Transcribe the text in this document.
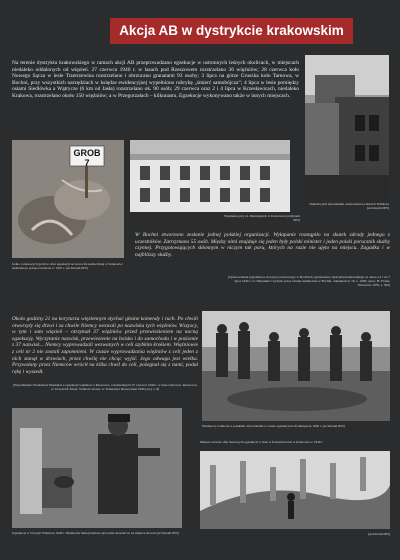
Akcja AB w dystrykcie krakowskim
Na terenie dystryktu krakowskiego w ramach akcji AB przeprowadzano egzekucje w ustronnych leśnych okolicach, w miejscach niedaleko oddalonych od więzień. 27 czerwca 1940 r. w lasach pod Rzeszowem rozstrzelano 36 więźniów; 28 czerwca koło Nowego Sącza w lesie Trzetrzewina rozstrzelano i obrzucano granatami 93 osoby; 3 lipca na górze Gruszka koło Tarnowa, w Bochni, przy wszystkich narzędziach w księdze ewidencyjnej wypełniono rubrykę „śmierć samobójcza”; 4 lipca w lesie pomiędzy osiami Siedlówka a Wątrycze (6 km od Jasła) rozstrzelano ok. 90 osób; 29 czerwca oraz 2 i 4 lipca w Krzesławicach, niedaleko Krakowa, rozstrzelano około 150 więźniów; a w Przegorzałach – kilkunastu. Egzekucje wykonywano także w innych miejscach.
Nieuchwytni nazwiskiem rozstrzelani na murach Wiśnicza (archiwum IPN)
GROB 7
Jedno z masowych grobów ofiar egzekucji na Górce Krzesławickiej w Krakowie; ekshumacja przeprowadzona w 1945 r. (archiwum IPN)
Więzienie przy ul. Montelupich w Krakowie (archiwum IPN)
W Bochni stworzono zesłanie jednej polskiej organizacji. Wyłapanie rozstąpiło na skutek zdrady jednego z uczestników. Zatrzymano 55 osób. Między nimi znajduje się jeden były polski minister i jeden polski porucznik służby czynnej. Przygotowujących skłonnym w niczym tak paru, których na razie nie ujęto na miejscu. Zagadka i w najbliższy służby.
(Sprawozdanie tygodniowe starosty powiatowego w Bochni do gubernatora dystryktu krakowskiego za okres od 1 do 7 lipca 1940 r. w: Dzienniki i wydane przez władze niemieckie w Bochni, dokument nr 16, s. 1038; oprac. H. Frank; Warszawa 1970, s. 300)
Około godziny 21 na korytarzu więziennym słychać głośne komendy i ruch. Po chwili otworzyły się drzwi i za chwile Niemcy wezwali po nazwisku tych więźniów. Wszyscy, w tym i sam więzień – otrzymał 37 więźniów przed przewiezieniem na nocną egzekucję. Wyczytanie nazwisk, przewiezienie na boisko i do samochodu i w poziomie z 37 nazwisk... Niemcy wyprowadzali wezwanych w celi szybkim krokiem. Więźniowie z celi nr 2 nie zostali zapomnieni. W czasie wyprowadzania więźniów z celi jeden z nich stanął w drzwiach, przez chwilę nie chcąc wyjść. Jego odwaga jest wielka. Przywołany przez Niemców wrócił na kilka chwil do celi, pożegnał się z nami, podał rękę i wyszedł.
(Wspomnienia Stanisława Pieniądza z egzekucji więźniów z Rzeszowa, rozstrzelanych 27 czerwca 1940 r. w lesie Lubcza k. Rzeszowa, w: Krzysztof Żuber, Wolność ulotna, w: Kalendarz Rzeszowski 1996 [sic], s. 8)
Niemieccy żołnierze z polskimi obywatelami w czasie egzekucji na Podkarpaciu 1940 r. (archiwum IPN)
Egzekucja w Nowym Wiśniczu 1940 r. Niemiecki funkcjonariusz prowadzi skazańców na miejsce straceń (archiwum IPN)
Miejsce straceń ofiar masowych egzekucji w lesie w Krzesławicach w Krakowie w 1940 r.
(archiwum IPN)
